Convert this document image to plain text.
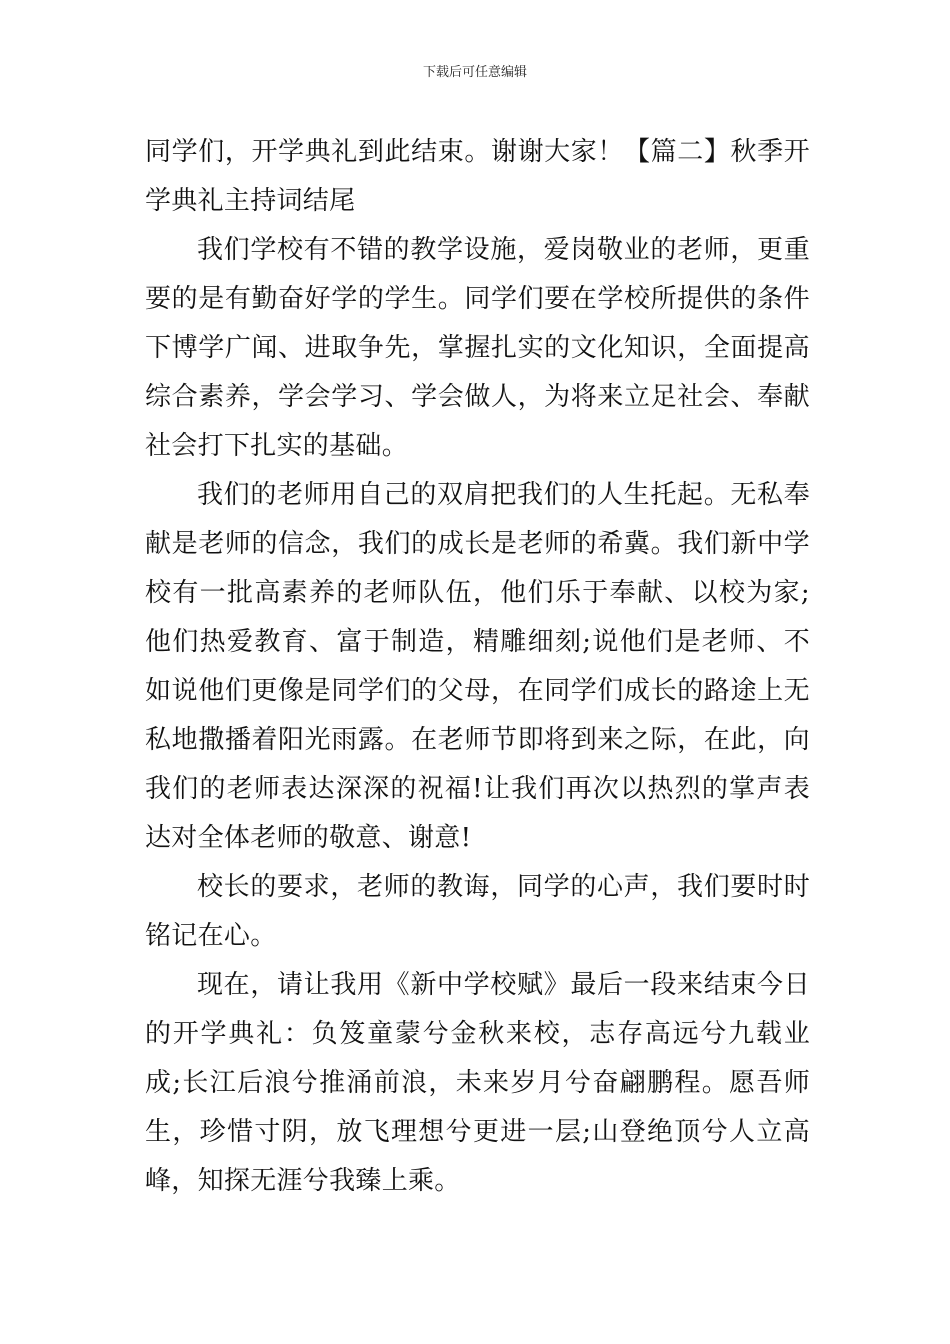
下载后可任意编辑

同学们，开学典礼到此结束。谢谢大家！【篇二】秋季开学典礼主持词结尾

我们学校有不错的教学设施，爱岗敬业的老师，更重要的是有勤奋好学的学生。同学们要在学校所提供的条件下博学广闻、进取争先，掌握扎实的文化知识，全面提高综合素养，学会学习、学会做人，为将来立足社会、奉献社会打下扎实的基础。

我们的老师用自己的双肩把我们的人生托起。无私奉献是老师的信念，我们的成长是老师的希冀。我们新中学校有一批高素养的老师队伍，他们乐于奉献、以校为家;他们热爱教育、富于制造，精雕细刻;说他们是老师、不如说他们更像是同学们的父母，在同学们成长的路途上无私地撒播着阳光雨露。在老师节即将到来之际，在此，向我们的老师表达深深的祝福!让我们再次以热烈的掌声表达对全体老师的敬意、谢意!

校长的要求，老师的教诲，同学的心声，我们要时时铭记在心。

现在，请让我用《新中学校赋》最后一段来结束今日的开学典礼：负笈童蒙兮金秋来校，志存高远兮九载业成;长江后浪兮推涌前浪，未来岁月兮奋翩鹏程。愿吾师生，珍惜寸阴，放飞理想兮更进一层;山登绝顶兮人立高峰，知探无涯兮我臻上乘。
